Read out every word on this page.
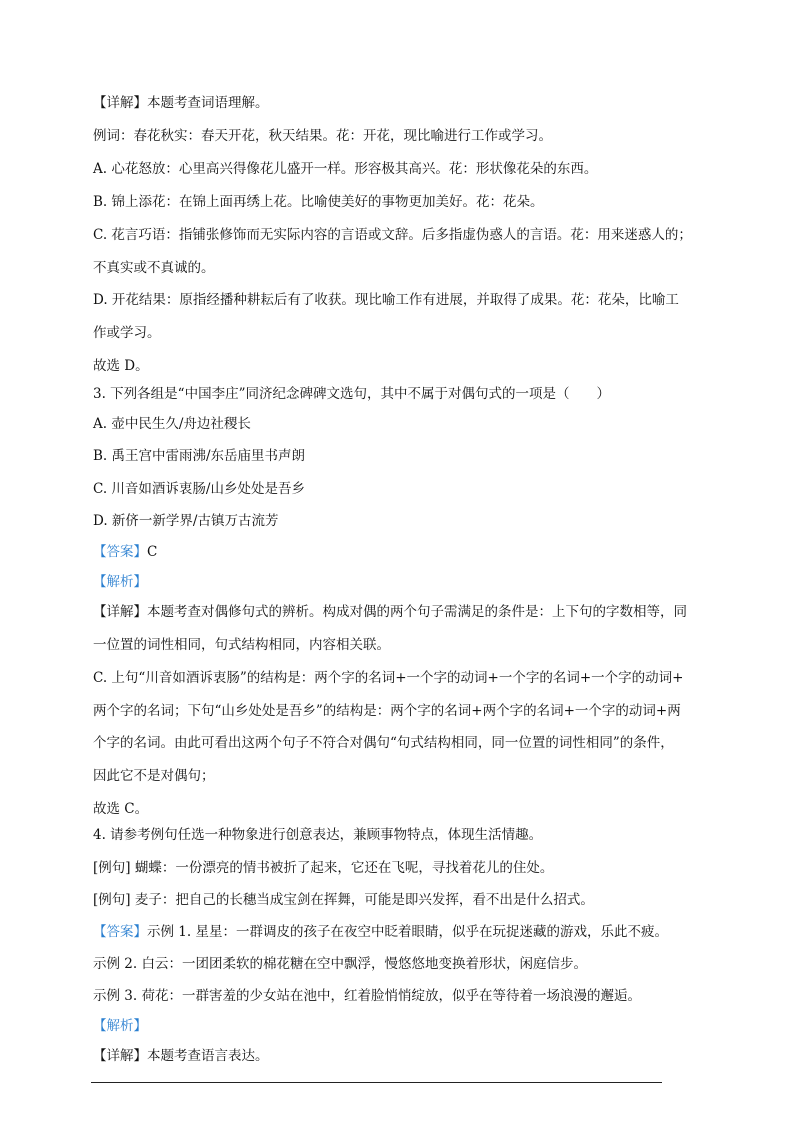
【详解】本题考查词语理解。
例词：春花秋实：春天开花，秋天结果。花：开花，现比喻进行工作或学习。
A. 心花怒放：心里高兴得像花儿盛开一样。形容极其高兴。花：形状像花朵的东西。
B. 锦上添花：在锦上面再绣上花。比喻使美好的事物更加美好。花：花朵。
C. 花言巧语：指铺张修饰而无实际内容的言语或文辞。后多指虚伪惑人的言语。花：用来迷惑人的；
不真实或不真诚的。
D. 开花结果：原指经播种耕耘后有了收获。现比喻工作有进展，并取得了成果。花：花朵，比喻工
作或学习。
故选 D。
3. 下列各组是“中国李庄”同济纪念碑碑文选句，其中不属于对偶句式的一项是（　　）
A. 壶中民生久/舟边社稷长
B. 禹王宫中雷雨沸/东岳庙里书声朗
C. 川音如酒诉衷肠/山乡处处是吾乡
D. 新侪一新学界/古镇万古流芳
【答案】C
【解析】
【详解】本题考查对偶修句式的辨析。构成对偶的两个句子需满足的条件是：上下句的字数相等，同
一位置的词性相同，句式结构相同，内容相关联。
C. 上句“川音如酒诉衷肠”的结构是：两个字的名词+一个字的动词+一个字的名词+一个字的动词+
两个字的名词；下句“山乡处处是吾乡”的结构是：两个字的名词+两个字的名词+一个字的动词+两
个字的名词。由此可看出这两个句子不符合对偶句“句式结构相同，同一位置的词性相同”的条件，
因此它不是对偶句；
故选 C。
4. 请参考例句任选一种物象进行创意表达，兼顾事物特点，体现生活情趣。
[例句] 蝴蝶：一份漂亮的情书被折了起来，它还在飞呢，寻找着花儿的住处。
[例句] 麦子：把自己的长穗当成宝剑在挥舞，可能是即兴发挥，看不出是什么招式。
【答案】示例 1. 星星：一群调皮的孩子在夜空中眨着眼睛，似乎在玩捉迷藏的游戏，乐此不疲。
示例 2. 白云：一团团柔软的棉花糖在空中飘浮，慢悠悠地变换着形状，闲庭信步。
示例 3. 荷花：一群害羞的少女站在池中，红着脸悄悄绽放，似乎在等待着一场浪漫的邂逅。
【解析】
【详解】本题考查语言表达。
